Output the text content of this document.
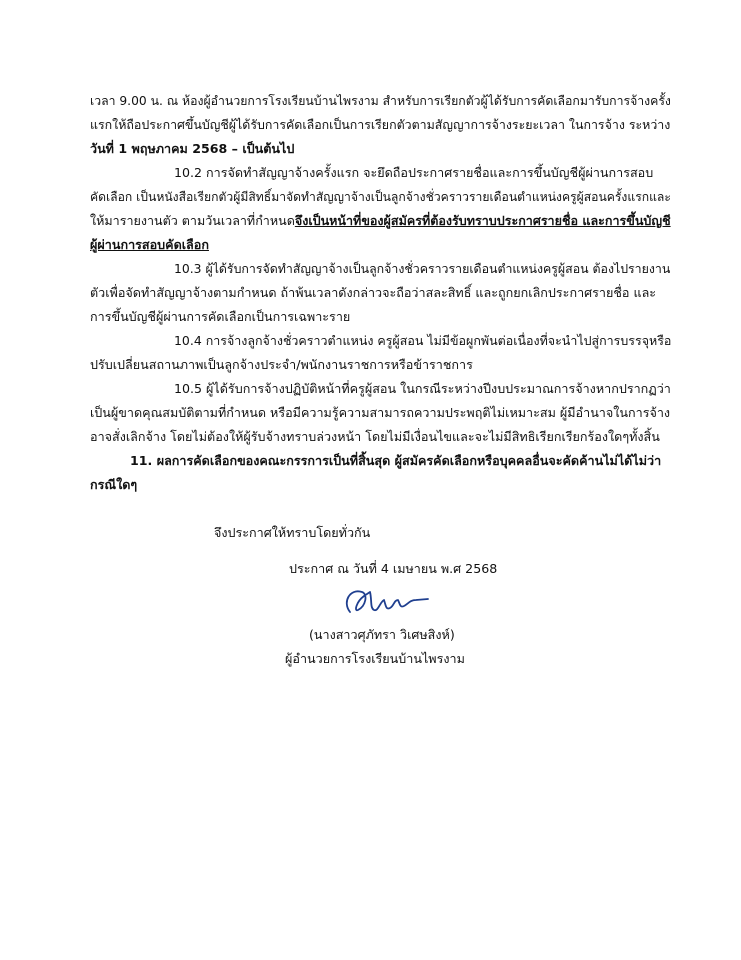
เวลา 9.00 น. ณ ห้องผู้อำนวยการโรงเรียนบ้านไพรงาม สำหรับการเรียกตัวผู้ได้รับการคัดเลือกมารับการจ้างครั้ง
แรกให้ถือประกาศขึ้นบัญชีผู้ได้รับการคัดเลือกเป็นการเรียกตัวตามสัญญาการจ้างระยะเวลา ในการจ้าง ระหว่าง
วันที่ 1 พฤษภาคม 2568 – เป็นต้นไป
10.2 การจัดทำสัญญาจ้างครั้งแรก จะยึดถือประกาศรายชื่อและการขึ้นบัญชีผู้ผ่านการสอบ
คัดเลือก เป็นหนังสือเรียกตัวผู้มีสิทธิ์มาจัดทำสัญญาจ้างเป็นลูกจ้างชั่วคราวรายเดือนตำแหน่งครูผู้สอนครั้งแรกและ
ให้มารายงานตัว ตามวันเวลาที่กำหนดจึงเป็นหน้าที่ของผู้สมัครที่ต้องรับทราบประกาศรายชื่อ และการขึ้นบัญชี
ผู้ผ่านการสอบคัดเลือก
10.3 ผู้ได้รับการจัดทำสัญญาจ้างเป็นลูกจ้างชั่วคราวรายเดือนตำแหน่งครูผู้สอน ต้องไปรายงาน
ตัวเพื่อจัดทำสัญญาจ้างตามกำหนด ถ้าพ้นเวลาดังกล่าวจะถือว่าสละสิทธิ์ และถูกยกเลิกประกาศรายชื่อ และ
การขึ้นบัญชีผู้ผ่านการคัดเลือกเป็นการเฉพาะราย
10.4 การจ้างลูกจ้างชั่วคราวตำแหน่ง ครูผู้สอน ไม่มีข้อผูกพันต่อเนื่องที่จะนำไปสู่การบรรจุหรือ
ปรับเปลี่ยนสถานภาพเป็นลูกจ้างประจำ/พนักงานราชการหรือข้าราชการ
10.5 ผู้ได้รับการจ้างปฏิบัติหน้าที่ครูผู้สอน ในกรณีระหว่างปีงบประมาณการจ้างหากปรากฏว่า
เป็นผู้ขาดคุณสมบัติตามที่กำหนด หรือมีความรู้ความสามารถความประพฤติไม่เหมาะสม ผู้มีอำนาจในการจ้าง
อาจสั่งเลิกจ้าง โดยไม่ต้องให้ผู้รับจ้างทราบล่วงหน้า โดยไม่มีเงื่อนไขและจะไม่มีสิทธิเรียกเรียกร้องใดๆทั้งสิ้น
11. ผลการคัดเลือกของคณะกรรการเป็นที่สิ้นสุด ผู้สมัครคัดเลือกหรือบุคคลอื่นจะคัดค้านไม่ได้ไม่ว่า
กรณีใดๆ
จึงประกาศให้ทราบโดยทั่วกัน
ประกาศ ณ วันที่ 4 เมษายน พ.ศ 2568
(นางสาวศุภัทรา วิเศษสิงห์)
ผู้อำนวยการโรงเรียนบ้านไพรงาม
